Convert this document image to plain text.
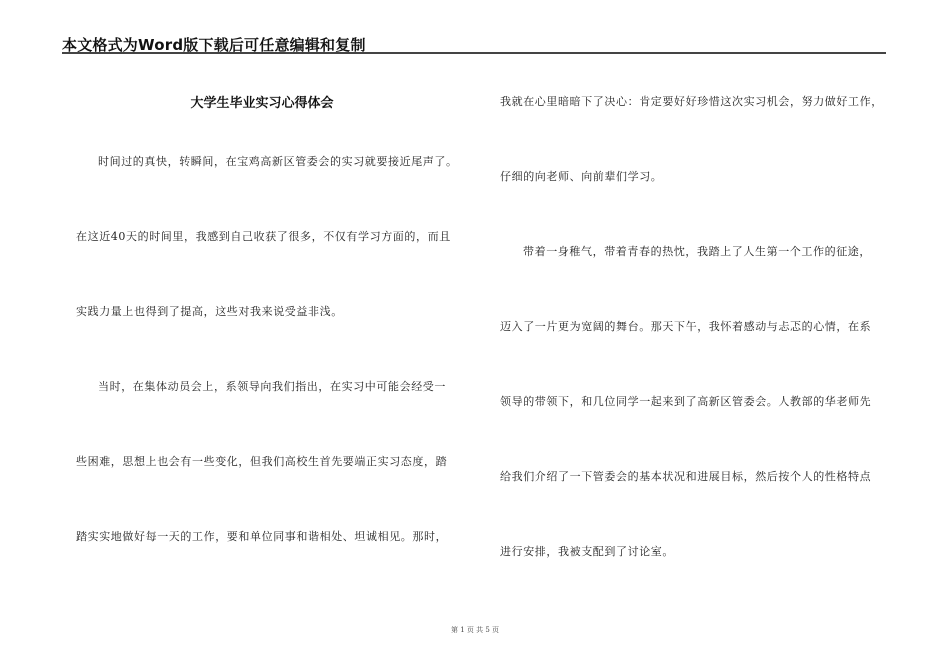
本文格式为Word版下载后可任意编辑和复制
大学生毕业实习心得体会
时间过的真快，转瞬间，在宝鸡高新区管委会的实习就要接近尾声了。
在这近40天的时间里，我感到自己收获了很多，不仅有学习方面的，而且
实践力量上也得到了提高，这些对我来说受益非浅。
当时，在集体动员会上，系领导向我们指出，在实习中可能会经受一
些困难，思想上也会有一些变化，但我们高校生首先要端正实习态度，踏
踏实实地做好每一天的工作，要和单位同事和谐相处、坦诚相见。那时，
我就在心里暗暗下了决心：肯定要好好珍惜这次实习机会，努力做好工作，
仔细的向老师、向前辈们学习。
带着一身稚气，带着青春的热忱，我踏上了人生第一个工作的征途，
迈入了一片更为宽阔的舞台。那天下午，我怀着感动与忐忑的心情，在系
领导的带领下，和几位同学一起来到了高新区管委会。人教部的华老师先
给我们介绍了一下管委会的基本状况和进展目标，然后按个人的性格特点
进行安排，我被支配到了讨论室。
第 1 页 共 5 页
